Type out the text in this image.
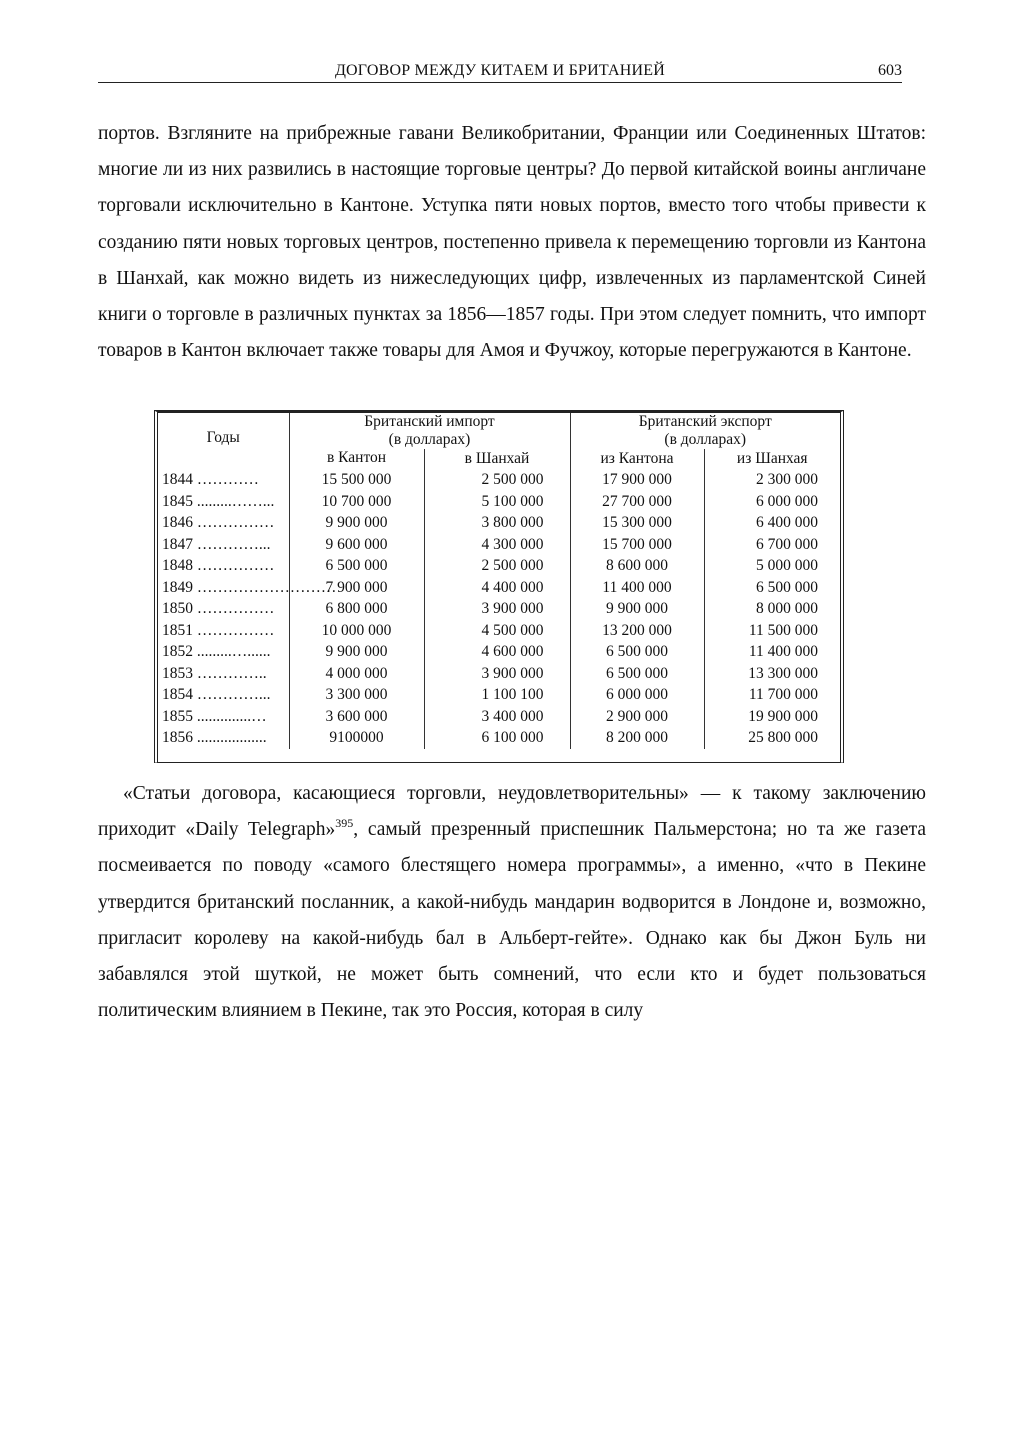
ДОГОВОР МЕЖДУ КИТАЕМ И БРИТАНИЕЙ	603

портов. Взгляните на прибрежные гавани Великобритании, Франции или Соединенных Штатов: многие ли из них развились в настоящие торговые центры? До первой китайской воины англичане торговали исключительно в Кантоне. Уступка пяти новых портов, вместо того чтобы привести к созданию пяти новых торговых центров, постепенно привела к перемещению торговли из Кантона в Шанхай, как можно видеть из нижеследующих цифр, извлеченных из парламентской Синей книги о торговле в различных пунктах за 1856—1857 годы. При этом следует помнить, что импорт товаров в Кантон включает также товары для Амоя и Фучжоу, которые перегружаются в Кантоне.

Годы	Британский импорт		Британский экспорт	

	(в долларах)		(в долларах)	
	в Кантон	в Шанхай	из Кантона	из Шанхая
1844 …………	15 500 000	2 500 000	17 900 000	2 300 000
1845 .........……...	10 700 000	5 100 000	27 700 000	6 000 000
1846 ……………	9 900 000	3 800 000	15 300 000	6 400 000
1847 …………...	9 600 000	4 300 000	15 700 000	6 700 000
1848 ……………	6 500 000	2 500 000	8 600 000	5 000 000
1849 ………………………	7 900 000	4 400 000	11 400 000	6 500 000
1850 ……………	6 800 000	3 900 000	9 900 000	8 000 000
1851 ……………	10 000 000	4 500 000	13 200 000	11 500 000
1852 .........…......	9 900 000	4 600 000	6 500 000	11 400 000
1853 …………..	4 000 000	3 900 000	6 500 000	13 300 000
1854 …………...	3 300 000	1 100 100	6 000 000	11 700 000
1855 ..............…	3 600 000	3 400 000	2 900 000	19 900 000
1856 ..................	9100000	6 100 000	8 200 000	25 800 000

«Статьи договора, касающиеся торговли, неудовлетворительны» — к такому заключению приходит «Daily Telegraph»$^{395}$, самый презренный приспешник Пальмерстона; но та же газета посмеивается по поводу «самого блестящего номера программы», а именно, «что в Пекине утвердится британский посланник, а какой-нибудь мандарин водворится в Лондоне и, возможно, пригласит королеву на какой-нибудь бал в Альберт-гейте». Однако как бы Джон Буль ни забавлялся этой шуткой, не может быть сомнений, что если кто и будет пользоваться политическим влиянием в Пекине, так это Россия, которая в силу
